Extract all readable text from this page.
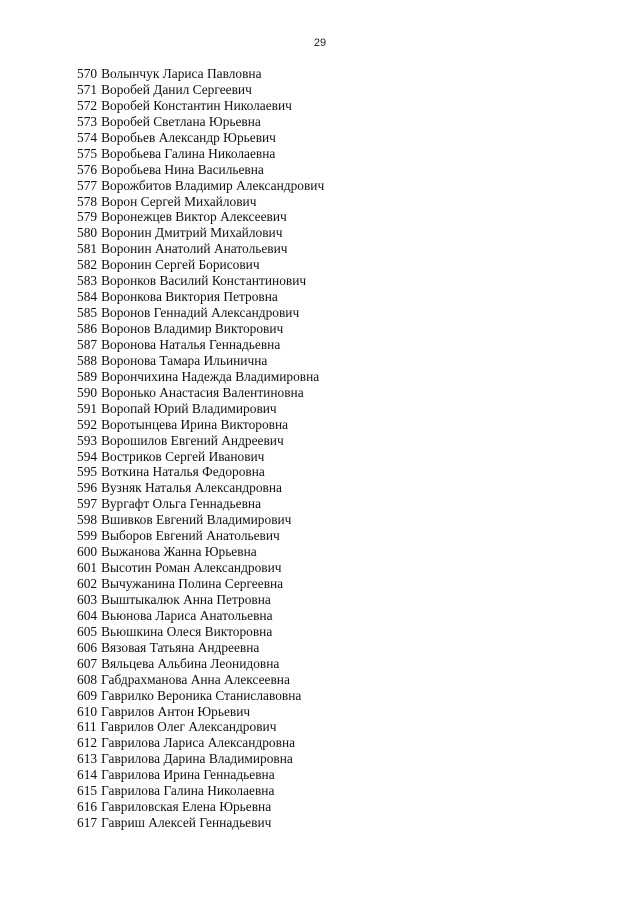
29
570 Волынчук Лариса Павловна
571 Воробей Данил Сергеевич
572 Воробей Константин Николаевич
573 Воробей Светлана Юрьевна
574 Воробьев Александр Юрьевич
575 Воробьева Галина Николаевна
576 Воробьева Нина Васильевна
577 Ворожбитов Владимир Александрович
578 Ворон Сергей Михайлович
579 Воронежцев Виктор Алексеевич
580 Воронин Дмитрий Михайлович
581 Воронин Анатолий Анатольевич
582 Воронин Сергей Борисович
583 Воронков Василий Константинович
584 Воронкова Виктория Петровна
585 Воронов Геннадий Александрович
586 Воронов Владимир Викторович
587 Воронова Наталья Геннадьевна
588 Воронова Тамара Ильинична
589 Ворончихина Надежда Владимировна
590 Воронько Анастасия Валентиновна
591 Воропай Юрий Владимирович
592 Воротынцева Ирина Викторовна
593 Ворошилов Евгений Андреевич
594 Востриков Сергей Иванович
595 Воткина Наталья Федоровна
596 Вузняк Наталья Александровна
597 Вургафт Ольга Геннадьевна
598 Вшивков Евгений Владимирович
599 Выборов Евгений Анатольевич
600 Выжанова Жанна Юрьевна
601 Высотин Роман Александрович
602 Вычужанина Полина Сергеевна
603 Выштыкалюк Анна Петровна
604 Вьюнова Лариса Анатольевна
605 Вьюшкина Олеся Викторовна
606 Вязовая Татьяна Андреевна
607 Вяльцева Альбина Леонидовна
608 Габдрахманова Анна Алексеевна
609 Гаврилко Вероника Станиславовна
610 Гаврилов Антон Юрьевич
611 Гаврилов Олег Александрович
612 Гаврилова Лариса Александровна
613 Гаврилова Дарина Владимировна
614 Гаврилова Ирина Геннадьевна
615 Гаврилова Галина Николаевна
616 Гавриловская Елена Юрьевна
617 Гавриш Алексей Геннадьевич
